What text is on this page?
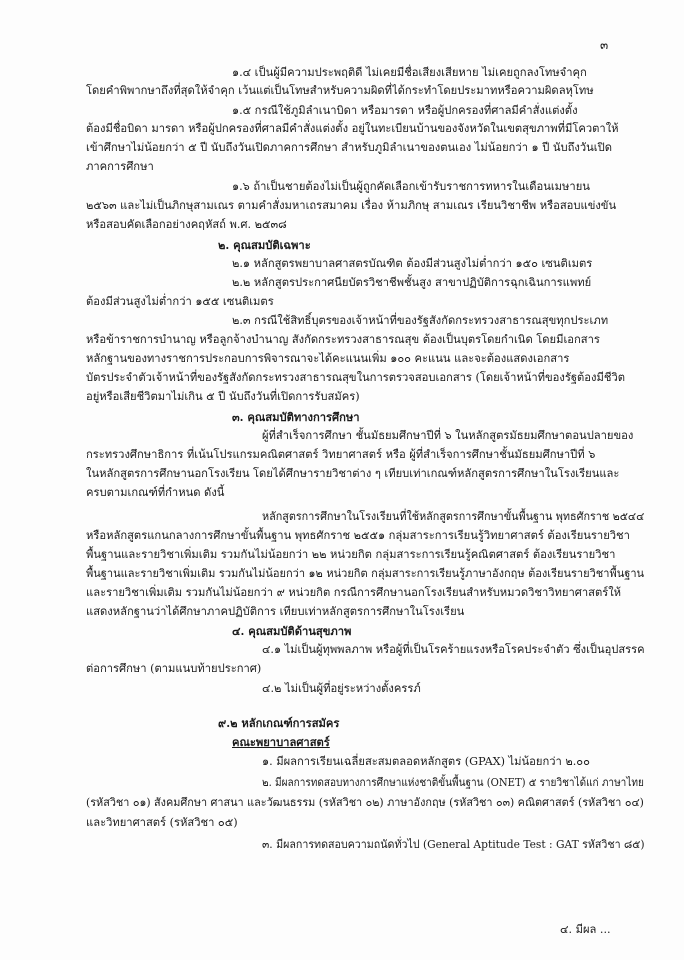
๓
๑.๔ เป็นผู้มีความประพฤติดี ไม่เคยมีชื่อเสียงเสียหาย ไม่เคยถูกลงโทษจำคุก
โดยคำพิพากษาถึงที่สุดให้จำคุก เว้นแต่เป็นโทษสำหรับความผิดที่ได้กระทำโดยประมาทหรือความผิดลหุโทษ
๑.๕ กรณีใช้ภูมิลำเนาบิดา หรือมารดา หรือผู้ปกครองที่ศาลมีคำสั่งแต่งตั้ง
ต้องมีชื่อบิดา มารดา หรือผู้ปกครองที่ศาลมีคำสั่งแต่งตั้ง อยู่ในทะเบียนบ้านของจังหวัดในเขตสุขภาพที่มีโควตาให้
เข้าศึกษาไม่น้อยกว่า ๕ ปี นับถึงวันเปิดภาคการศึกษา สำหรับภูมิลำเนาของตนเอง ไม่น้อยกว่า ๑ ปี นับถึงวันเปิด
ภาคการศึกษา
๑.๖ ถ้าเป็นชายต้องไม่เป็นผู้ถูกคัดเลือกเข้ารับราชการทหารในเดือนเมษายน
๒๕๖๓ และไม่เป็นภิกษุสามเณร ตามคำสั่งมหาเถรสมาคม เรื่อง ห้ามภิกษุ สามเณร เรียนวิชาชีพ หรือสอบแข่งขัน
หรือสอบคัดเลือกอย่างคฤหัสถ์ พ.ศ. ๒๕๓๘
๒. คุณสมบัติเฉพาะ
๒.๑ หลักสูตรพยาบาลศาสตรบัณฑิต ต้องมีส่วนสูงไม่ต่ำกว่า ๑๕๐ เซนติเมตร
๒.๒ หลักสูตรประกาศนียบัตรวิชาชีพชั้นสูง สาขาปฏิบัติการฉุกเฉินการแพทย์
ต้องมีส่วนสูงไม่ต่ำกว่า ๑๕๕ เซนติเมตร
๒.๓ กรณีใช้สิทธิ์บุตรของเจ้าหน้าที่ของรัฐสังกัดกระทรวงสาธารณสุขทุกประเภท
หรือข้าราชการบำนาญ หรือลูกจ้างบำนาญ สังกัดกระทรวงสาธารณสุข ต้องเป็นบุตรโดยกำเนิด โดยมีเอกสาร
หลักฐานของทางราชการประกอบการพิจารณาจะได้คะแนนเพิ่ม ๑๐๐ คะแนน และจะต้องแสดงเอกสาร
บัตรประจำตัวเจ้าหน้าที่ของรัฐสังกัดกระทรวงสาธารณสุขในการตรวจสอบเอกสาร (โดยเจ้าหน้าที่ของรัฐต้องมีชีวิต
อยู่หรือเสียชีวิตมาไม่เกิน ๕ ปี นับถึงวันที่เปิดการรับสมัคร)
๓. คุณสมบัติทางการศึกษา
ผู้ที่สำเร็จการศึกษา ชั้นมัธยมศึกษาปีที่ ๖ ในหลักสูตรมัธยมศึกษาตอนปลายของ
กระทรวงศึกษาธิการ ที่เน้นโปรแกรมคณิตศาสตร์ วิทยาศาสตร์ หรือ ผู้ที่สำเร็จการศึกษาชั้นมัธยมศึกษาปีที่ ๖
ในหลักสูตรการศึกษานอกโรงเรียน โดยได้ศึกษารายวิชาต่าง ๆ เทียบเท่าเกณฑ์หลักสูตรการศึกษาในโรงเรียนและ
ครบตามเกณฑ์ที่กำหนด ดังนี้
หลักสูตรการศึกษาในโรงเรียนที่ใช้หลักสูตรการศึกษาขั้นพื้นฐาน พุทธศักราช ๒๕๔๔
หรือหลักสูตรแกนกลางการศึกษาขั้นพื้นฐาน พุทธศักราช ๒๕๕๑ กลุ่มสาระการเรียนรู้วิทยาศาสตร์ ต้องเรียนรายวิชา
พื้นฐานและรายวิชาเพิ่มเติม รวมกันไม่น้อยกว่า ๒๒ หน่วยกิต กลุ่มสาระการเรียนรู้คณิตศาสตร์ ต้องเรียนรายวิชา
พื้นฐานและรายวิชาเพิ่มเติม รวมกันไม่น้อยกว่า ๑๒ หน่วยกิต กลุ่มสาระการเรียนรู้ภาษาอังกฤษ ต้องเรียนรายวิชาพื้นฐาน
และรายวิชาเพิ่มเติม รวมกันไม่น้อยกว่า ๙ หน่วยกิต กรณีการศึกษานอกโรงเรียนสำหรับหมวดวิชาวิทยาศาสตร์ให้
แสดงหลักฐานว่าได้ศึกษาภาคปฏิบัติการ เทียบเท่าหลักสูตรการศึกษาในโรงเรียน
๔. คุณสมบัติด้านสุขภาพ
๔.๑ ไม่เป็นผู้ทุพพลภาพ หรือผู้ที่เป็นโรคร้ายแรงหรือโรคประจำตัว ซึ่งเป็นอุปสรรค
ต่อการศึกษา (ตามแนบท้ายประกาศ)
๔.๒ ไม่เป็นผู้ที่อยู่ระหว่างตั้งครรภ์
๙.๒ หลักเกณฑ์การสมัคร
คณะพยาบาลศาสตร์
๑. มีผลการเรียนเฉลี่ยสะสมตลอดหลักสูตร (GPAX) ไม่น้อยกว่า ๒.๐๐
๒. มีผลการทดสอบทางการศึกษาแห่งชาติขั้นพื้นฐาน (ONET) ๕ รายวิชาได้แก่ ภาษาไทย
(รหัสวิชา ๐๑) สังคมศึกษา ศาสนา และวัฒนธรรม (รหัสวิชา ๐๒) ภาษาอังกฤษ (รหัสวิชา ๐๓) คณิตศาสตร์ (รหัสวิชา ๐๔)
และวิทยาศาสตร์ (รหัสวิชา ๐๕)
๓. มีผลการทดสอบความถนัดทั่วไป (General Aptitude Test : GAT รหัสวิชา ๘๕)
๔. มีผล ...
